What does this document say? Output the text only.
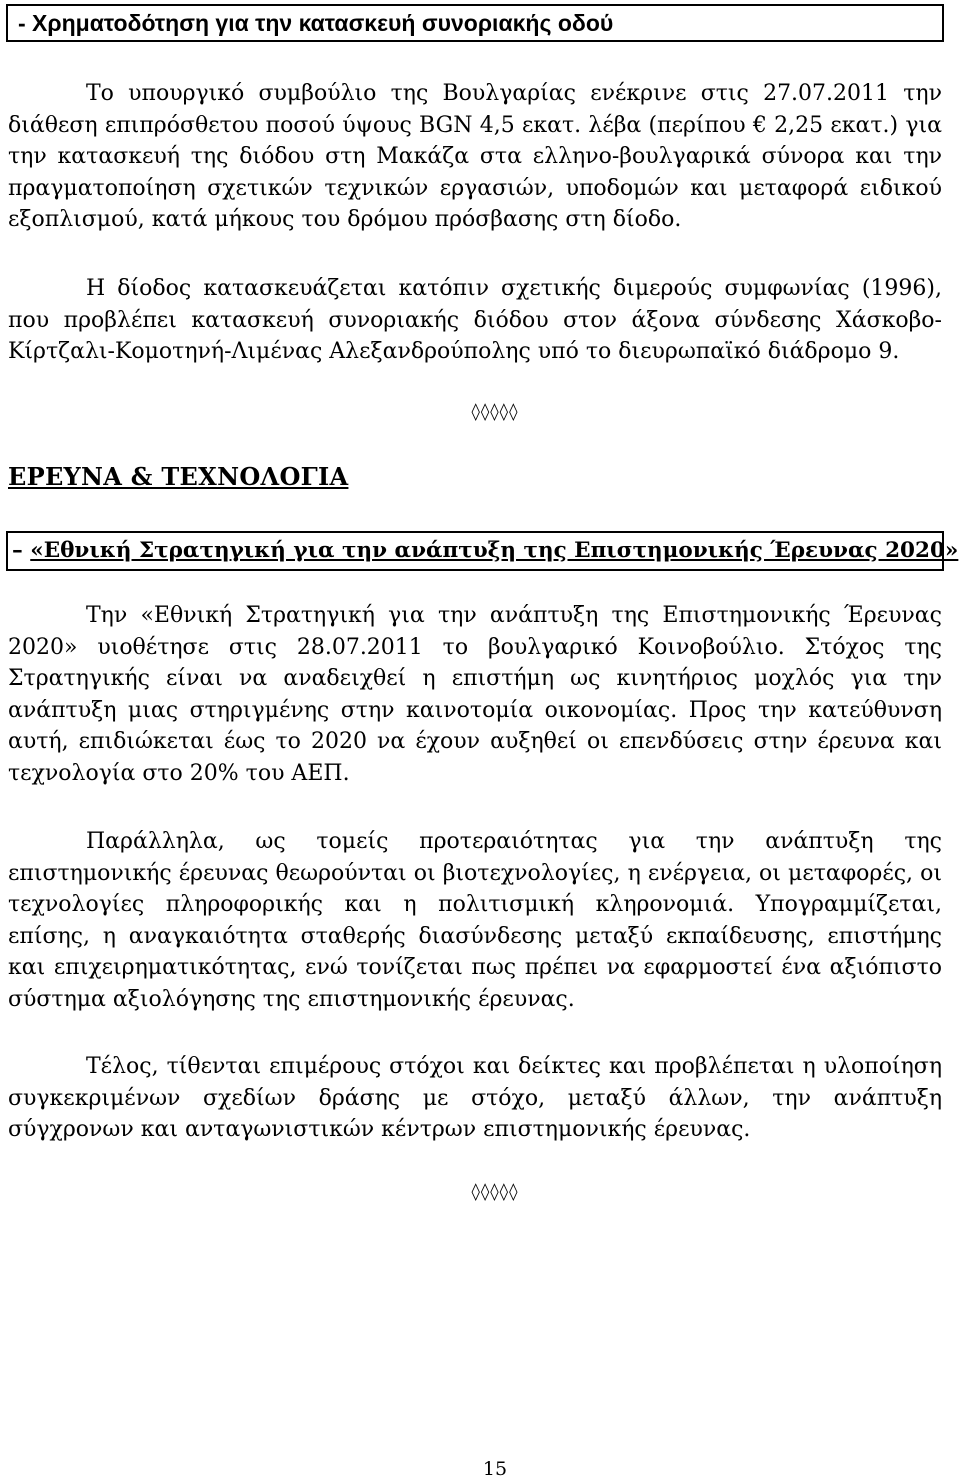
- Χρηματοδότηση για την κατασκευή συνοριακής οδού

Το υπουργικό συμβούλιο της Βουλγαρίας ενέκρινε στις 27.07.2011 την διάθεση επιπρόσθετου ποσού ύψους BGN 4,5 εκατ. λέβα (περίπου € 2,25 εκατ.) για την κατασκευή της διόδου στη Μακάζα στα ελληνο-βουλγαρικά σύνορα και την πραγματοποίηση σχετικών τεχνικών εργασιών, υποδομών και μεταφορά ειδικού εξοπλισμού, κατά μήκους του δρόμου πρόσβασης στη δίοδο.

Η δίοδος κατασκευάζεται κατόπιν σχετικής διμερούς συμφωνίας (1996), που προβλέπει κατασκευή συνοριακής διόδου στον άξονα σύνδεσης Χάσκοβο-Κίρτζαλι-Κομοτηνή-Λιμένας Αλεξανδρούπολης υπό το διευρωπαϊκό διάδρομο 9.

◊◊◊◊◊
ΕΡΕΥΝΑ & ΤΕΧΝΟΛΟΓΙΑ
– «Εθνική Στρατηγική για την ανάπτυξη της Επιστημονικής Έρευνας 2020»

Την «Εθνική Στρατηγική για την ανάπτυξη της Επιστημονικής Έρευνας 2020» υιοθέτησε στις 28.07.2011 το βουλγαρικό Κοινοβούλιο. Στόχος της Στρατηγικής είναι να αναδειχθεί η επιστήμη ως κινητήριος μοχλός για την ανάπτυξη μιας στηριγμένης στην καινοτομία οικονομίας. Προς την κατεύθυνση αυτή, επιδιώκεται έως το 2020 να έχουν αυξηθεί οι επενδύσεις στην έρευνα και τεχνολογία στο 20% του ΑΕΠ.

Παράλληλα, ως τομείς προτεραιότητας για την ανάπτυξη της επιστημονικής έρευνας θεωρούνται οι βιοτεχνολογίες, η ενέργεια, οι μεταφορές, οι τεχνολογίες πληροφορικής και η πολιτισμική κληρονομιά. Υπογραμμίζεται, επίσης, η αναγκαιότητα σταθερής διασύνδεσης μεταξύ εκπαίδευσης, επιστήμης και επιχειρηματικότητας, ενώ τονίζεται πως πρέπει να εφαρμοστεί ένα αξιόπιστο σύστημα αξιολόγησης της επιστημονικής έρευνας.

Τέλος, τίθενται επιμέρους στόχοι και δείκτες και προβλέπεται η υλοποίηση συγκεκριμένων σχεδίων δράσης με στόχο, μεταξύ άλλων, την ανάπτυξη σύγχρονων και ανταγωνιστικών κέντρων επιστημονικής έρευνας.

◊◊◊◊◊
15
